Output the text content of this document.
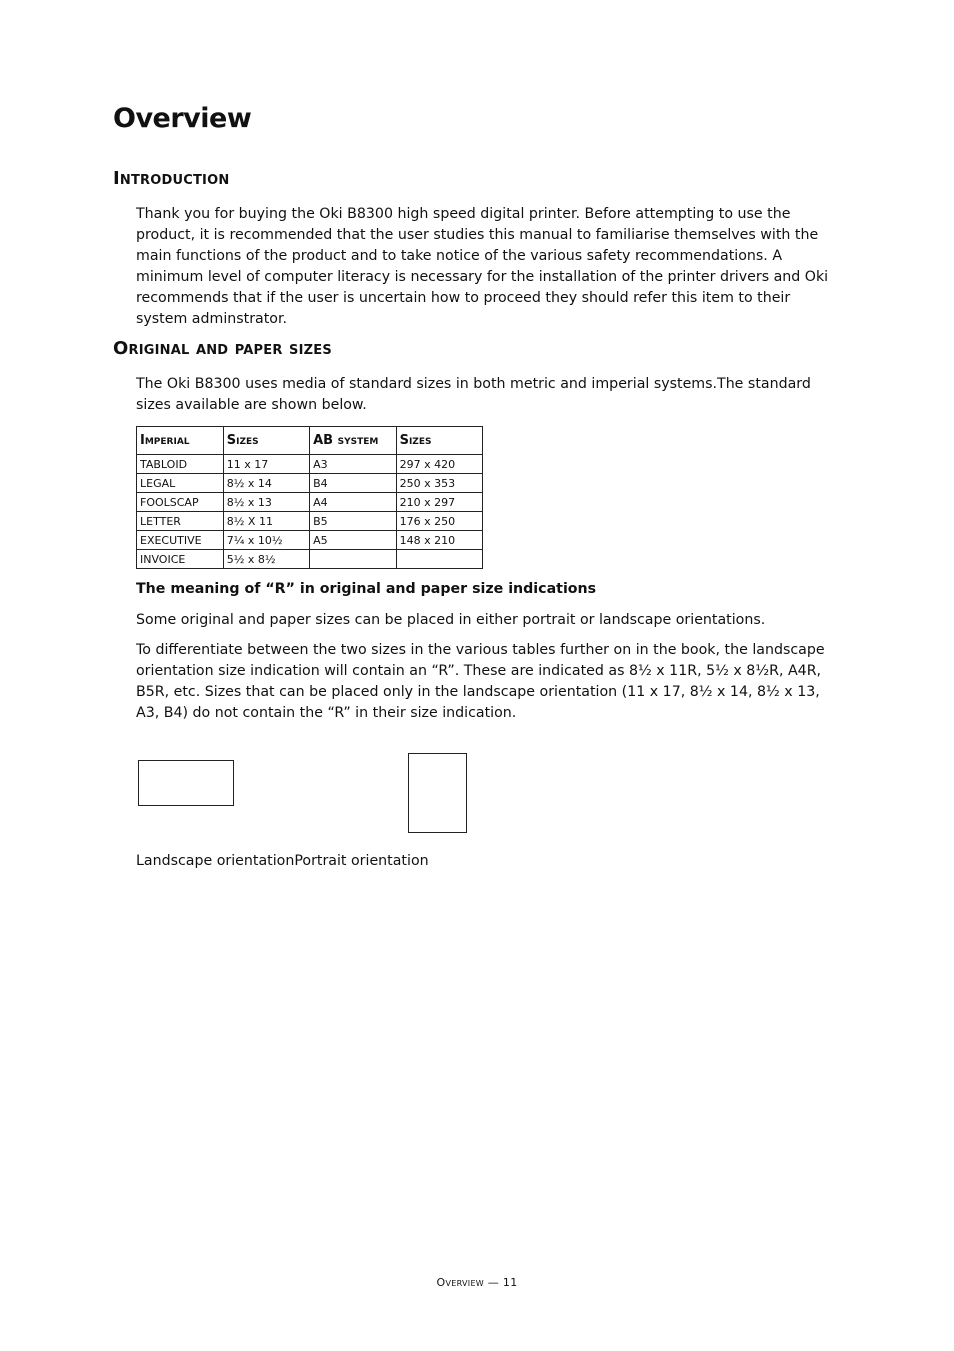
Overview
Introduction

Thank you for buying the Oki B8300 high speed digital printer. Before attempting to use the product, it is recommended that the user studies this manual to familiarise themselves with the main functions of the product and to take notice of the various safety recommendations. A minimum level of computer literacy is necessary for the installation of the printer drivers and Oki recommends that if the user is uncertain how to proceed they should refer this item to their system adminstrator.

Original and paper sizes

The Oki B8300 uses media of standard sizes in both metric and imperial systems.The standard sizes available are shown below.

Imperial	Sizes	AB system	Sizes
TABLOID	11 x 17	A3	297 x 420
LEGAL	8½ x 14	B4	250 x 353
FOOLSCAP	8½ x 13	A4	210 x 297
LETTER	8½ X 11	B5	176 x 250
EXECUTIVE	7¼ x 10½	A5	148 x 210
INVOICE	5½ x 8½		

The meaning of “R” in original and paper size indications

Some original and paper sizes can be placed in either portrait or landscape orientations.

To differentiate between the two sizes in the various tables further on in the book, the landscape orientation size indication will contain an “R”. These are indicated as 8½ x 11R, 5½ x 8½R, A4R, B5R, etc. Sizes that can be placed only in the landscape orientation (11 x 17, 8½ x 14, 8½ x 13, A3, B4) do not contain the “R” in their size indication.

Landscape orientationPortrait orientation

Overview — 11
